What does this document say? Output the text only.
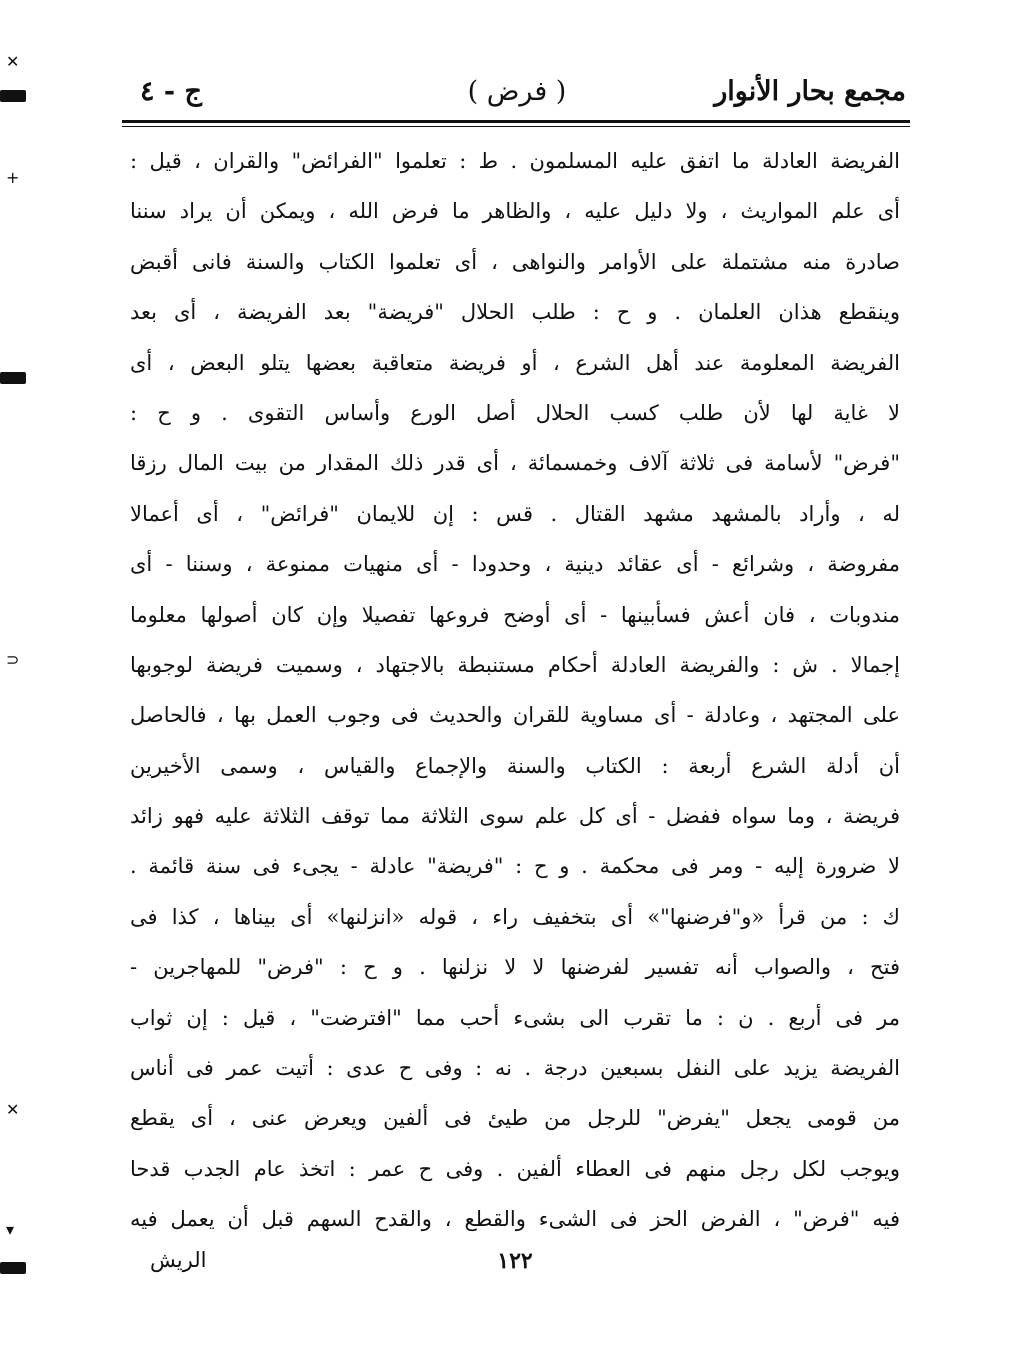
مجمع بحار الأنوار
( فرض )
ج - ٤
الفريضة العادلة ما اتفق عليه المسلمون . ط : تعلموا "الفرائض" والقران ، قيل :
أى علم المواريث ، ولا دليل عليه ، والظاهر ما فرض الله ، ويمكن أن يراد سننا
صادرة منه مشتملة على الأوامر والنواهى ، أى تعلموا الكتاب والسنة فانى أقبض
وينقطع هذان العلمان . و ح : طلب الحلال "فريضة" بعد الفريضة ، أى بعد
الفريضة المعلومة عند أهل الشرع ، أو فريضة متعاقبة بعضها يتلو البعض ، أى
لا غاية لها لأن طلب كسب الحلال أصل الورع وأساس التقوى . و ح :
"فرض" لأسامة فى ثلاثة آلاف وخمسمائة ، أى قدر ذلك المقدار من بيت المال رزقا
له ، وأراد بالمشهد مشهد القتال . قس : إن للايمان "فرائض" ، أى أعمالا
مفروضة ، وشرائع - أى عقائد دينية ، وحدودا - أى منهيات ممنوعة ، وسننا - أى
مندوبات ، فان أعش فسأبينها - أى أوضح فروعها تفصيلا وإن كان أصولها معلوما
إجمالا . ش : والفريضة العادلة أحكام مستنبطة بالاجتهاد ، وسميت فريضة لوجوبها
على المجتهد ، وعادلة - أى مساوية للقران والحديث فى وجوب العمل بها ، فالحاصل
أن أدلة الشرع أربعة : الكتاب والسنة والإجماع والقياس ، وسمى الأخيرين
فريضة ، وما سواه ففضل - أى كل علم سوى الثلاثة مما توقف الثلاثة عليه فهو زائد
لا ضرورة إليه - ومر فى محكمة . و ح : "فريضة" عادلة - يجىء فى سنة قائمة .
ك : من قرأ «و"فرضنها"» أى بتخفيف راء ، قوله «انزلنها» أى بيناها ، كذا فى
فتح ، والصواب أنه تفسير لفرضنها لا لا نزلنها . و ح : "فرض" للمهاجرين -
مر فى أربع . ن : ما تقرب الى بشىء أحب مما "افترضت" ، قيل : إن ثواب
الفريضة يزيد على النفل بسبعين درجة . نه : وفى ح عدى : أتيت عمر فى أناس
من قومى يجعل "يفرض" للرجل من طيئ فى ألفين ويعرض عنى ، أى يقطع
ويوجب لكل رجل منهم فى العطاء ألفين . وفى ح عمر : اتخذ عام الجدب قدحا
فيه "فرض" ، الفرض الحز فى الشىء والقطع ، والقدح السهم قبل أن يعمل فيه
١٢٢
الريش
✕
+
⊃
✕
▾
